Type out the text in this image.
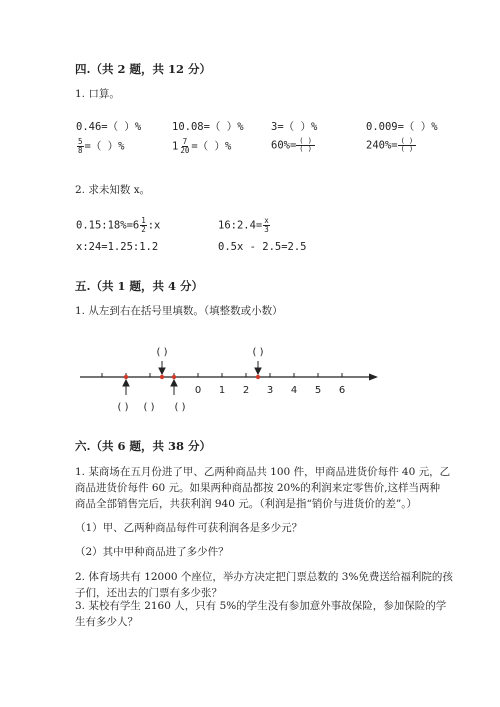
四.（共 2 题，共 12 分）
1. 口算。
0.46=（ ）%	10.08=（ ）%	3=（ ）%	0.009=（ ）%
$\frac{5}{8}$ =（ ）%	$1 \frac{7}{20}$ =（ ）%	$60\%= \frac{( )}{( )}$	$240\%= \frac{( )}{( )}$
2. 求未知数 x。
0.15:18%=6 $\frac{1}{2}$ :x	16:2.4= $\frac{x}{3}$
x:24=1.25:1.2	0.5x - 2.5=2.5
五.（共 1 题，共 4 分）
1. 从左到右在括号里填数。（填整数或小数）
0 1 2 3 4 5 6
( )	( )
( ) ( ) ( )
六.（共 6 题，共 38 分）
1. 某商场在五月份进了甲、乙两种商品共 100 件，甲商品进货价每件 40 元，乙
商品进货价每件 60 元。如果两种商品都按 20%的利润来定零售价,这样当两种
商品全部销售完后，共获利润 940 元。（利润是指“销价与进货价的差”。）
（1）甲、乙两种商品每件可获利润各是多少元？
（2）其中甲种商品进了多少件？
2. 体育场共有 12000 个座位，举办方决定把门票总数的 3%免费送给福利院的孩
子们，还出去的门票有多少张？
3. 某校有学生 2160 人，只有 5%的学生没有参加意外事故保险，参加保险的学
生有多少人？
